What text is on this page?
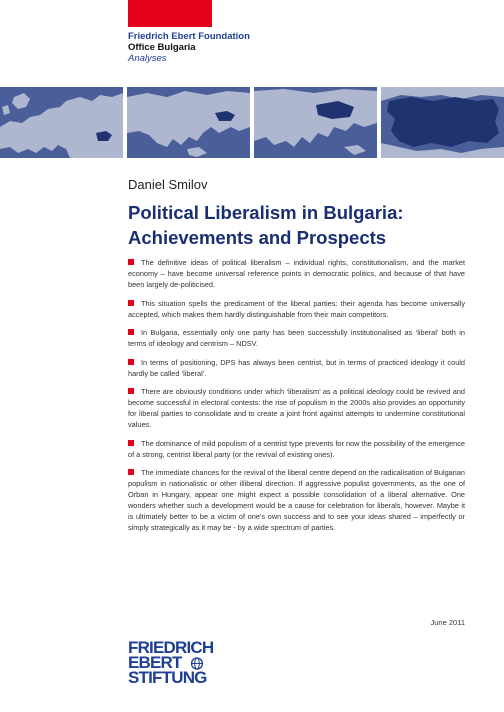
Friedrich Ebert Foundation
Office Bulgaria
Analyses
Daniel Smilov
Political Liberalism in Bulgaria:
Achievements and Prospects

The definitive ideas of political liberalism – individual rights, constitutionalism, and the market economy – have become universal reference points in democratic politics, and because of that have been largely de-politicised.

This situation spells the predicament of the liberal parties: their agenda has become universally accepted, which makes them hardly distinguishable from their main competitors.

In Bulgaria, essentially only one party has been successfully institutionalised as ‘liberal’ both in terms of ideology and centrism – NDSV.

In terms of positioning, DPS has always been centrist, but in terms of practiced ideology it could hardly be called ‘liberal’.

There are obviously conditions under which ‘liberalism’ as a political ideology could be revived and become successful in electoral contests: the rise of populism in the 2000s also provides an opportunity for liberal parties to consolidate and to create a joint front against attempts to undermine constitutional values.

The dominance of mild populism of a centrist type prevents for now the possibility of the emergence of a strong, centrist liberal party (or the revival of existing ones).

The immediate chances for the revival of the liberal centre depend on the radicalisation of Bulgarian populism in nationalistic or other illiberal direction. If aggressive populist governments, as the one of Orban in Hungary, appear one might expect a possible consolidation of a liberal alternative. One wonders whether such a development would be a cause for celebration for liberals, however. Maybe it is ultimately better to be a victim of one’s own success and to see your ideas shared – imperfectly or simply strategically as it may be - by a wide spectrum of parties.

June 2011
FRIEDRICH
EBERT
STIFTUNG
